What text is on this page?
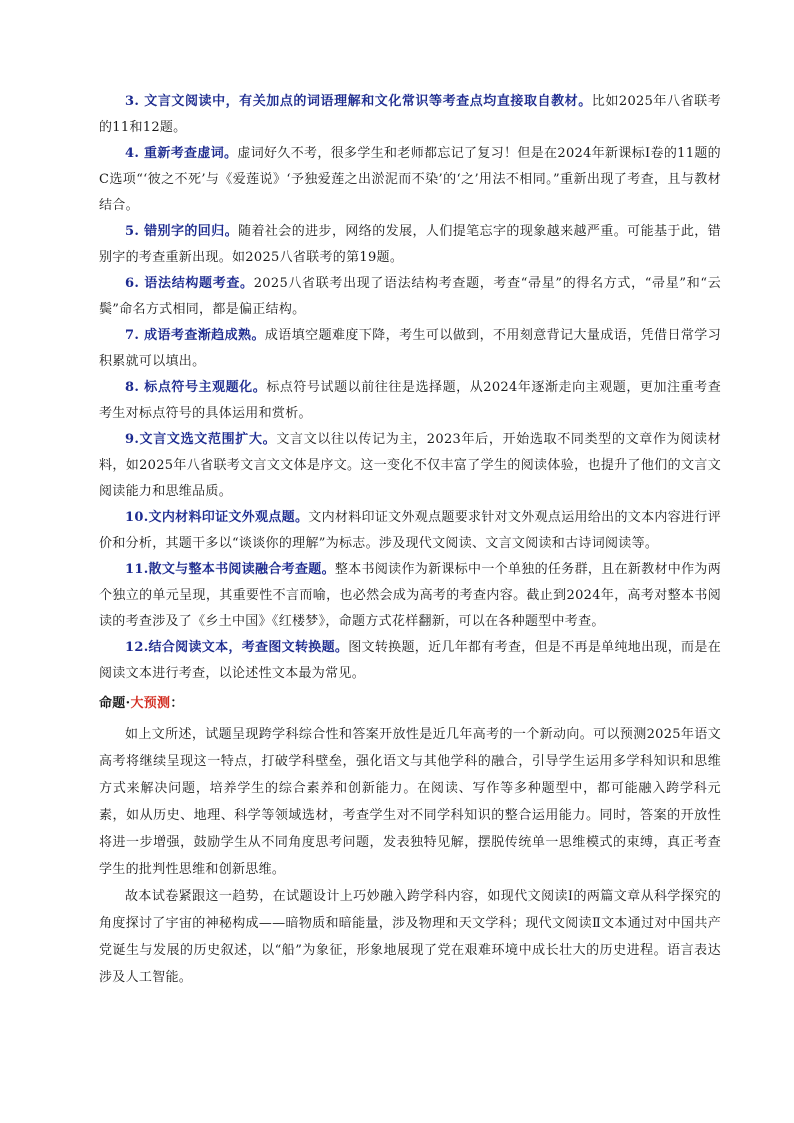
3. 文言文阅读中，有关加点的词语理解和文化常识等考查点均直接取自教材。比如2025年八省联考的11和12题。

4. 重新考查虚词。虚词好久不考，很多学生和老师都忘记了复习！但是在2024年新课标Ⅰ卷的11题的C选项“‘彼之不死’与《爱莲说》‘予独爱莲之出淤泥而不染’的‘之’用法不相同。”重新出现了考查，且与教材结合。

5. 错别字的回归。随着社会的进步，网络的发展，人们提笔忘字的现象越来越严重。可能基于此，错别字的考查重新出现。如2025八省联考的第19题。

6. 语法结构题考查。2025八省联考出现了语法结构考查题，考查“帚星”的得名方式，“帚星”和“云鬓”命名方式相同，都是偏正结构。

7. 成语考查渐趋成熟。成语填空题难度下降，考生可以做到，不用刻意背记大量成语，凭借日常学习积累就可以填出。

8. 标点符号主观题化。标点符号试题以前往往是选择题，从2024年逐渐走向主观题，更加注重考查考生对标点符号的具体运用和赏析。

9.文言文选文范围扩大。文言文以往以传记为主，2023年后，开始选取不同类型的文章作为阅读材料，如2025年八省联考文言文文体是序文。这一变化不仅丰富了学生的阅读体验，也提升了他们的文言文阅读能力和思维品质。

10.文内材料印证文外观点题。文内材料印证文外观点题要求针对文外观点运用给出的文本内容进行评价和分析，其题干多以“谈谈你的理解”为标志。涉及现代文阅读、文言文阅读和古诗词阅读等。

11.散文与整本书阅读融合考查题。整本书阅读作为新课标中一个单独的任务群，且在新教材中作为两个独立的单元呈现，其重要性不言而喻，也必然会成为高考的考查内容。截止到2024年，高考对整本书阅读的考查涉及了《乡土中国》《红楼梦》，命题方式花样翻新，可以在各种题型中考查。

12.结合阅读文本，考查图文转换题。图文转换题，近几年都有考查，但是不再是单纯地出现，而是在阅读文本进行考查，以论述性文本最为常见。

命题·大预测：

如上文所述，试题呈现跨学科综合性和答案开放性是近几年高考的一个新动向。可以预测2025年语文高考将继续呈现这一特点，打破学科壁垒，强化语文与其他学科的融合，引导学生运用多学科知识和思维方式来解决问题，培养学生的综合素养和创新能力。在阅读、写作等多种题型中，都可能融入跨学科元素，如从历史、地理、科学等领域选材，考查学生对不同学科知识的整合运用能力。同时，答案的开放性将进一步增强，鼓励学生从不同角度思考问题，发表独特见解，摆脱传统单一思维模式的束缚，真正考查学生的批判性思维和创新思维。

故本试卷紧跟这一趋势，在试题设计上巧妙融入跨学科内容，如现代文阅读Ⅰ的两篇文章从科学探究的角度探讨了宇宙的神秘构成——暗物质和暗能量，涉及物理和天文学科；现代文阅读Ⅱ文本通过对中国共产党诞生与发展的历史叙述，以“船”为象征，形象地展现了党在艰难环境中成长壮大的历史进程。语言表达涉及人工智能。
